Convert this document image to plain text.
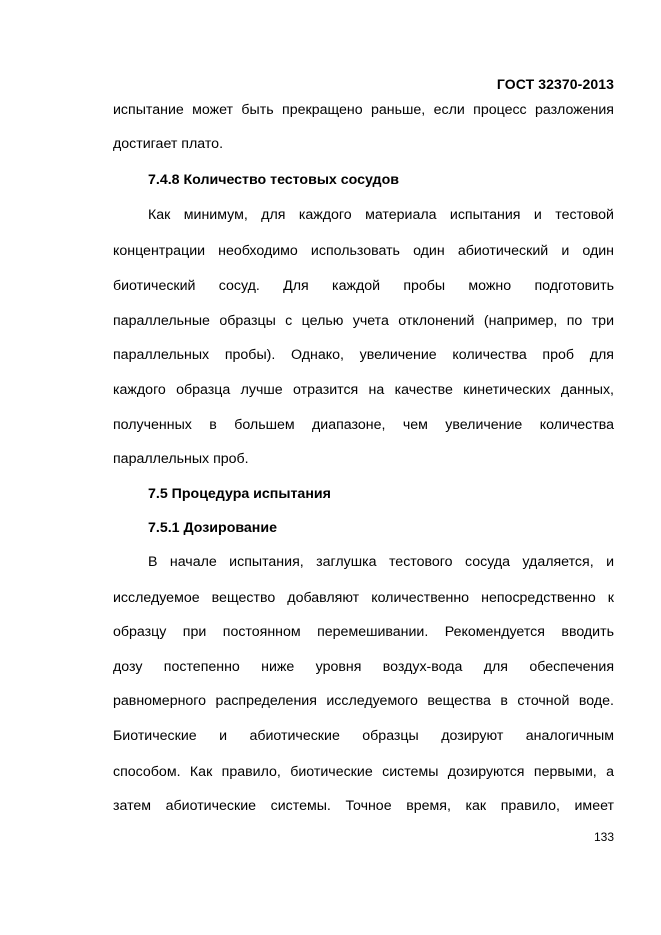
ГОСТ 32370-2013
испытание может быть прекращено раньше, если процесс разложения
достигает плато.
7.4.8 Количество тестовых сосудов
Как минимум, для каждого материала испытания и тестовой
концентрации необходимо использовать один абиотический и один
биотический сосуд. Для каждой пробы можно подготовить
параллельные образцы с целью учета отклонений (например, по три
параллельных пробы). Однако, увеличение количества проб для
каждого образца лучше отразится на качестве кинетических данных,
полученных в большем диапазоне, чем увеличение количества
параллельных проб.
7.5 Процедура испытания
7.5.1 Дозирование
В начале испытания, заглушка тестового сосуда удаляется, и
исследуемое вещество добавляют количественно непосредственно к
образцу при постоянном перемешивании. Рекомендуется вводить
дозу постепенно ниже уровня воздух-вода для обеспечения
равномерного распределения исследуемого вещества в сточной воде.
Биотические и абиотические образцы дозируют аналогичным
способом. Как правило, биотические системы дозируются первыми, а
затем абиотические системы. Точное время, как правило, имеет
133
